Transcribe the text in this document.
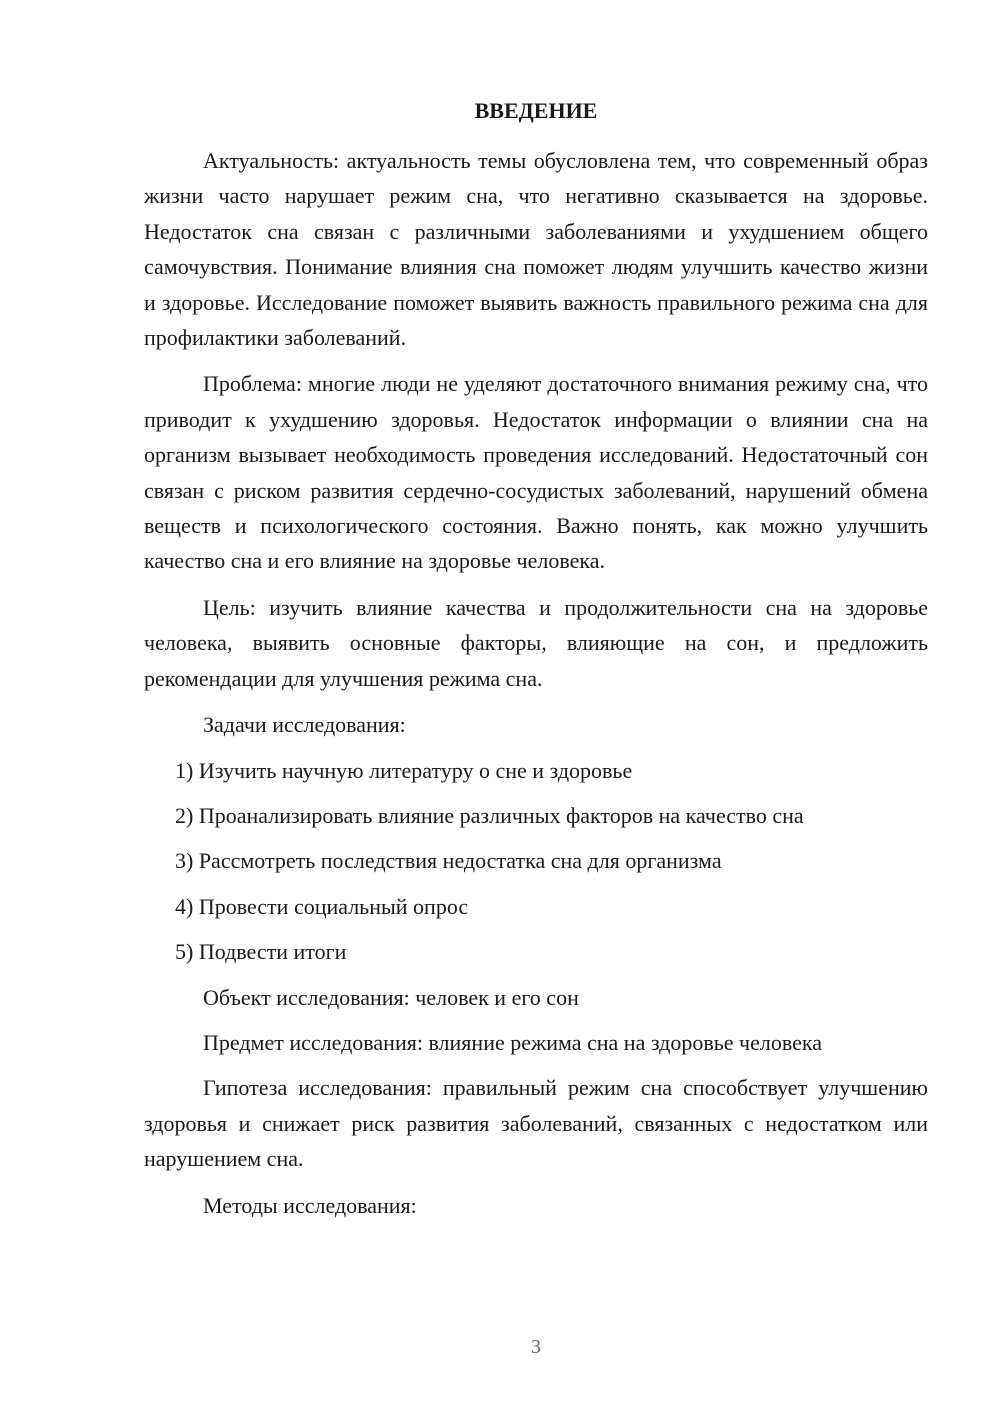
ВВЕДЕНИЕ

Актуальность: актуальность темы обусловлена тем, что современный образ жизни часто нарушает режим сна, что негативно сказывается на здоровье. Недостаток сна связан с различными заболеваниями и ухудшением общего самочувствия. Понимание влияния сна поможет людям улучшить качество жизни и здоровье. Исследование поможет выявить важность правильного режима сна для профилактики заболеваний.

Проблема: многие люди не уделяют достаточного внимания режиму сна, что приводит к ухудшению здоровья. Недостаток информации о влиянии сна на организм вызывает необходимость проведения исследований. Недостаточный сон связан с риском развития сердечно-сосудистых заболеваний, нарушений обмена веществ и психологического состояния. Важно понять, как можно улучшить качество сна и его влияние на здоровье человека.

Цель: изучить влияние качества и продолжительности сна на здоровье человека, выявить основные факторы, влияющие на сон, и предложить рекомендации для улучшения режима сна.

Задачи исследования:

1) Изучить научную литературу о сне и здоровье

2) Проанализировать влияние различных факторов на качество сна

3) Рассмотреть последствия недостатка сна для организма

4) Провести социальный опрос

5) Подвести итоги

Объект исследования: человек и его сон

Предмет исследования: влияние режима сна на здоровье человека

Гипотеза исследования: правильный режим сна способствует улучшению здоровья и снижает риск развития заболеваний, связанных с недостатком или нарушением сна.

Методы исследования:

3
